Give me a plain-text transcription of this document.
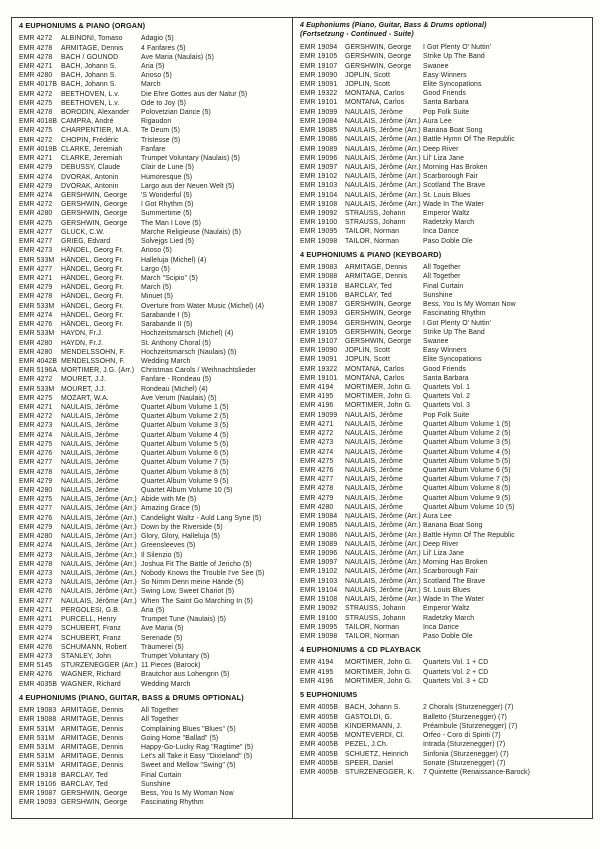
4 EUPHONIUMS & PIANO (ORGAN)
EMR 4272	ALBINONI, Tomaso	Adagio (5)
EMR 4278	ARMITAGE, Dennis	4 Fanfares (5)
EMR 4278	BACH / GOUNOD	Ave Maria (Naulais) (5)
EMR 4271	BACH, Johann S.	Aria (5)
EMR 4280	BACH, Johann S.	Arioso (5)
EMR 4017B BACH, Johann S.	March
EMR 4272	BEETHOVEN, L.v.	Die Ehre Gottes aus der Natur (5)
EMR 4275	BEETHOVEN, L.v.	Ode to Joy (5)
EMR 4278	BORODIN, Alexander	Polovetzian Dance (5)
EMR 4018B CAMPRA, André	Rigaudon
EMR 4275	CHARPENTIER, M.A.	Te Deum (5)
EMR 4272	CHOPIN, Frédéric	Tristesse (5)
EMR 4019B CLARKE, Jeremiah	Fanfare
EMR 4271	CLARKE, Jeremiah	Trumpet Voluntary (Naulais) (5)
EMR 4279	DEBUSSY, Claude	Clair de Lune (5)
EMR 4274	DVORAK, Antonin	Humoresque (5)
EMR 4279	DVORAK, Antonin	Largo aus der Neuen Welt (5)
EMR 4274	GERSHWIN, George	'S Wonderful (5)
EMR 4272	GERSHWIN, George	I Got Rhythm (5)
EMR 4280	GERSHWIN, George	Summertime (5)
EMR 4275	GERSHWIN, George	The Man I Love (5)
EMR 4277	GLUCK, C.W.	Marche Religieuse (Naulais) (5)
EMR 4277	GRIEG, Edvard	Solvejgs Lied (5)
EMR 4273	HÄNDEL, Georg Fr.	Arioso (5)
EMR 533M HÄNDEL, Georg Fr.	Halleluja (Michel) (4)
EMR 4277	HÄNDEL, Georg Fr.	Largo (5)
EMR 4271	HÄNDEL, Georg Fr.	March "Scipio" (5)
EMR 4279	HÄNDEL, Georg Fr.	March (5)
EMR 4278	HÄNDEL, Georg Fr.	Minuet (5)
EMR 533M HÄNDEL, Georg Fr.	Overture from Water Music (Michel) (4)
EMR 4274	HÄNDEL, Georg Fr.	Sarabande I (5)
EMR 4276	HÄNDEL, Georg Fr.	Sarabande II (5)
EMR 533M HAYDN, Fr.J.	Hochzeitsmarsch (Michel) (4)
EMR 4280	HAYDN, Fr.J.	St. Anthony Choral (5)
EMR 4280	MENDELSSOHN, F.	Hochzeitsmarsch (Naulais) (5)
EMR 4042B MENDELSSOHN, F.	Wedding March
EMR 5196A MORTIMER, J.G. (Arr.) Christmas Carols / Weihnachtslieder
EMR 4272	MOURET, J.J.	Fanfare - Rondeau (5)
EMR 533M MOURET, J.J.	Rondeau (Michel) (4)
EMR 4275	MOZART, W.A.	Ave Verum (Naulais) (5)
EMR 4271	NAULAIS, Jérôme	Quartet Album Volume 1 (5)
EMR 4272	NAULAIS, Jérôme	Quartet Album Volume 2 (5)
EMR 4273	NAULAIS, Jérôme	Quartet Album Volume 3 (5)
EMR 4274	NAULAIS, Jérôme	Quartet Album Volume 4 (5)
EMR 4275	NAULAIS, Jérôme	Quartet Album Volume 5 (5)
EMR 4276	NAULAIS, Jérôme	Quartet Album Volume 6 (5)
EMR 4277	NAULAIS, Jérôme	Quartet Album Volume 7 (5)
EMR 4278	NAULAIS, Jérôme	Quartet Album Volume 8 (5)
EMR 4279	NAULAIS, Jérôme	Quartet Album Volume 9 (5)
EMR 4280	NAULAIS, Jérôme	Quartet Album Volume 10 (5)
EMR 4275	NAULAIS, Jérôme (Arr.) Abide with Me (5)
EMR 4277	NAULAIS, Jérôme (Arr.) Amazing Grace (5)
EMR 4276	NAULAIS, Jérôme (Arr.) Candelight Waltz - Auld Lang Syne (5)
EMR 4279	NAULAIS, Jérôme (Arr.) Down by the Riverside (5)
EMR 4280	NAULAIS, Jérôme (Arr.) Glory, Glory, Halleluja (5)
EMR 4274	NAULAIS, Jérôme (Arr.) Greensleeves (5)
EMR 4273	NAULAIS, Jérôme (Arr.) Il Silenzio (5)
EMR 4278	NAULAIS, Jérôme (Arr.) Joshua Fit The Battle of Jericho (5)
EMR 4273	NAULAIS, Jérôme (Arr.) Nobody Knows the Trouble I've See (5)
EMR 4273	NAULAIS, Jérôme (Arr.) So Nimm Denn meine Hände (5)
EMR 4276	NAULAIS, Jérôme (Arr.) Swing Low, Sweet Chariot (5)
EMR 4277	NAULAIS, Jérôme (Arr.) When The Saint Go Marching In (5)
EMR 4271	PERGOLESI, G.B.	Aria (5)
EMR 4271	PURCELL, Henry	Trumpet Tune (Naulais) (5)
EMR 4279	SCHUBERT, Franz	Ave Maria (5)
EMR 4274	SCHUBERT, Franz	Serenade (5)
EMR 4276	SCHUMANN, Robert	Träumerei (5)
EMR 4273	STANLEY, John	Trumpet Voluntary (5)
EMR 5145	STURZENEGGER (Arr.) 11 Pieces (Barock)
EMR 4276	WAGNER, Richard	Brautchor aus Lohengrin (5)
EMR 4035B WAGNER, Richard	Wedding March
4 EUPHONIUMS (PIANO, GUITAR, BASS & DRUMS OPTIONAL)
EMR 19083 ARMITAGE, Dennis	All Together
EMR 19088 ARMITAGE, Dennis	All Together
EMR 531M ARMITAGE, Dennis	Complaining Blues "Blues" (5)
EMR 531M ARMITAGE, Dennis	Going Home "Ballad" (5)
EMR 531M ARMITAGE, Dennis	Happy-Go-Lucky Rag "Ragtime" (5)
EMR 531M ARMITAGE, Dennis	Let's all Take it Easy "Dixieland" (5)
EMR 531M ARMITAGE, Dennis	Sweet and Mellow "Swing" (5)
EMR 19318 BARCLAY, Ted	Final Curtain
EMR 19106 BARCLAY, Ted	Sunshine
EMR 19087 GERSHWIN, George	Bess, You Is My Woman Now
EMR 19093 GERSHWIN, George	Fascinating Rhythm
4 Euphoniums (Piano, Guitar, Bass & Drums optional)
(Fortsetzung - Continued - Suite)
EMR 19094	GERSHWIN, George	I Got Plenty O' Nuttin'
EMR 19105	GERSHWIN, George	Strike Up The Band
EMR 19107	GERSHWIN, George	Swanee
EMR 19090	JOPLIN, Scott	Easy Winners
EMR 19091	JOPLIN, Scott	Elite Syncopations
EMR 19322	MONTANA, Carlos	Good Friends
EMR 19101	MONTANA, Carlos	Santa Barbara
EMR 19099	NAULAIS, Jérôme	Pop Folk Suite
EMR 19084	NAULAIS, Jérôme (Arr.) Aura Lee
EMR 19085	NAULAIS, Jérôme (Arr.) Banana Boat Song
EMR 19086	NAULAIS, Jérôme (Arr.) Battle Hymn Of The Republic
EMR 19089	NAULAIS, Jérôme (Arr.) Deep River
EMR 19096	NAULAIS, Jérôme (Arr.) Lil' Liza Jane
EMR 19097	NAULAIS, Jérôme (Arr.) Morning Has Broken
EMR 19102	NAULAIS, Jérôme (Arr.) Scarborough Fair
EMR 19103	NAULAIS, Jérôme (Arr.) Scotland The Brave
EMR 19104	NAULAIS, Jérôme (Arr.) St. Louis Blues
EMR 19108	NAULAIS, Jérôme (Arr.) Wade In The Water
EMR 19092	STRAUSS, Johann	Emperor Waltz
EMR 19100	STRAUSS, Johann	Radetzky March
EMR 19095	TAILOR, Norman	Inca Dance
EMR 19098	TAILOR, Norman	Paso Doble Ole
4 EUPHONIUMS & PIANO (KEYBOARD)
EMR 19083	ARMITAGE, Dennis	All Together
EMR 19088	ARMITAGE, Dennis	All Together
EMR 19318	BARCLAY, Ted	Final Curtain
EMR 19106	BARCLAY, Ted	Sunshine
EMR 19087	GERSHWIN, George	Bess, You Is My Woman Now
EMR 19093	GERSHWIN, George	Fascinating Rhythm
EMR 19094	GERSHWIN, George	I Got Plenty O' Nuttin'
EMR 19105	GERSHWIN, George	Strike Up The Band
EMR 19107	GERSHWIN, George	Swanee
EMR 19090	JOPLIN, Scott	Easy Winners
EMR 19091	JOPLIN, Scott	Elite Syncopations
EMR 19322	MONTANA, Carlos	Good Friends
EMR 19101	MONTANA, Carlos	Santa Barbara
EMR 4194	MORTIMER, John G.	Quartets Vol. 1
EMR 4195	MORTIMER, John G.	Quartets Vol. 2
EMR 4196	MORTIMER, John G.	Quartets Vol. 3
EMR 19099	NAULAIS, Jérôme	Pop Folk Suite
EMR 4271	NAULAIS, Jérôme	Quartet Album Volume 1 (5)
EMR 4272	NAULAIS, Jérôme	Quartet Album Volume 2 (5)
EMR 4273	NAULAIS, Jérôme	Quartet Album Volume 3 (5)
EMR 4274	NAULAIS, Jérôme	Quartet Album Volume 4 (5)
EMR 4275	NAULAIS, Jérôme	Quartet Album Volume 5 (5)
EMR 4276	NAULAIS, Jérôme	Quartet Album Volume 6 (5)
EMR 4277	NAULAIS, Jérôme	Quartet Album Volume 7 (5)
EMR 4278	NAULAIS, Jérôme	Quartet Album Volume 8 (5)
EMR 4279	NAULAIS, Jérôme	Quartet Album Volume 9 (5)
EMR 4280	NAULAIS, Jérôme	Quartet Album Volume 10 (5)
EMR 19084	NAULAIS, Jérôme (Arr.) Aura Lee
EMR 19085	NAULAIS, Jérôme (Arr.) Banana Boat Song
EMR 19086	NAULAIS, Jérôme (Arr.) Battle Hymn Of The Republic
EMR 19089	NAULAIS, Jérôme (Arr.) Deep River
EMR 19096	NAULAIS, Jérôme (Arr.) Lil' Liza Jane
EMR 19097	NAULAIS, Jérôme (Arr.) Morning Has Broken
EMR 19102	NAULAIS, Jérôme (Arr.) Scarborough Fair
EMR 19103	NAULAIS, Jérôme (Arr.) Scotland The Brave
EMR 19104	NAULAIS, Jérôme (Arr.) St. Louis Blues
EMR 19108	NAULAIS, Jérôme (Arr.) Wade In The Water
EMR 19092	STRAUSS, Johann	Emperor Waltz
EMR 19100	STRAUSS, Johann	Radetzky March
EMR 19095	TAILOR, Norman	Inca Dance
EMR 19098	TAILOR, Norman	Paso Doble Ole
4 EUPHONIUMS & CD PLAYBACK
EMR 4194	MORTIMER, John G.	Quartets Vol. 1 + CD
EMR 4195	MORTIMER, John G.	Quartets Vol. 2 + CD
EMR 4196	MORTIMER, John G.	Quartets Vol. 3 + CD
5 EUPHONIUMS
EMR 4005B	BACH, Johann S.	2 Chorals (Sturzenegger) (7)
EMR 4005B	GASTOLDI, G.	Balletto (Sturzenegger) (7)
EMR 4005B	KINDERMANN, J.	Préambule (Sturzenegger) (7)
EMR 4005B	MONTEVERDI, Cl.	Orfeo - Coro di Spiriti (7)
EMR 4005B	PEZEL, J.Ch.	Intrada (Sturzenegger) (7)
EMR 4005B	SCHUETZ, Heinrich	Sinfonia (Sturzenegger) (7)
EMR 4005B	SPEER, Daniel	Sonate (Sturzenegger) (7)
EMR 4005B	STURZENEGGER, K.	7 Quintette (Renaissance-Barock)
